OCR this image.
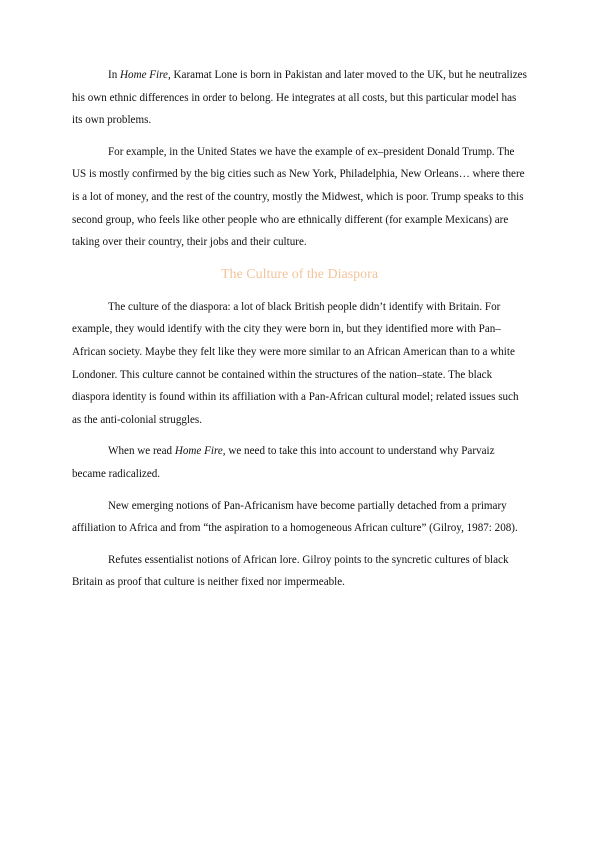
In Home Fire, Karamat Lone is born in Pakistan and later moved to the UK, but he neutralizes his own ethnic differences in order to belong. He integrates at all costs, but this particular model has its own problems.

For example, in the United States we have the example of ex–president Donald Trump. The US is mostly confirmed by the big cities such as New York, Philadelphia, New Orleans… where there is a lot of money, and the rest of the country, mostly the Midwest, which is poor. Trump speaks to this second group, who feels like other people who are ethnically different (for example Mexicans) are taking over their country, their jobs and their culture.

The Culture of the Diaspora

The culture of the diaspora: a lot of black British people didn’t identify with Britain. For example, they would identify with the city they were born in, but they identified more with Pan–African society. Maybe they felt like they were more similar to an African American than to a white Londoner. This culture cannot be contained within the structures of the nation–state. The black diaspora identity is found within its affiliation with a Pan-African cultural model; related issues such as the anti-colonial struggles.

When we read Home Fire, we need to take this into account to understand why Parvaiz became radicalized.

New emerging notions of Pan-Africanism have become partially detached from a primary affiliation to Africa and from “the aspiration to a homogeneous African culture” (Gilroy, 1987: 208).

Refutes essentialist notions of African lore. Gilroy points to the syncretic cultures of black Britain as proof that culture is neither fixed nor impermeable.
